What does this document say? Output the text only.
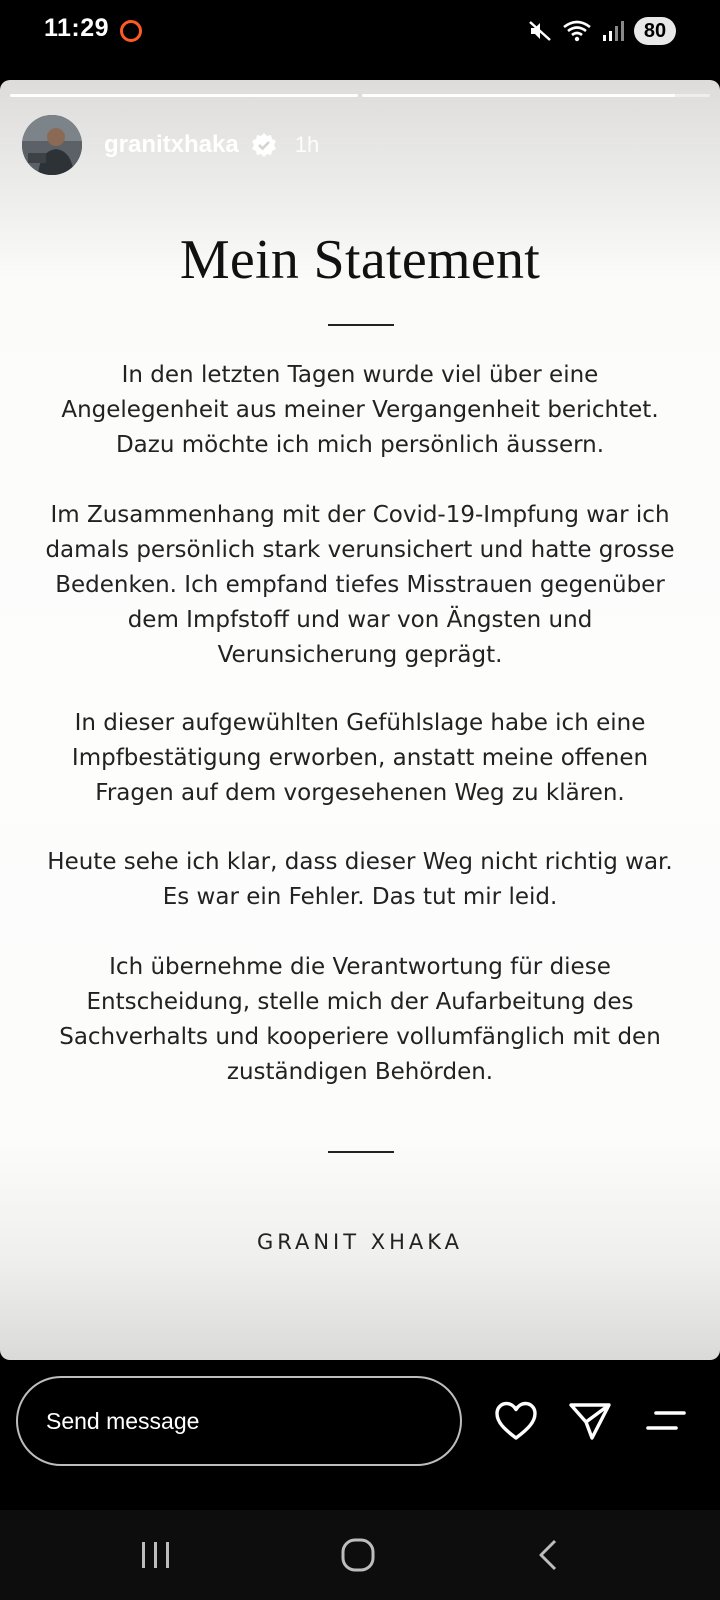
11:29	80
granitxhaka	1h
Mein Statement

In den letzten Tagen wurde viel über eine Angelegenheit aus meiner Vergangenheit berichtet. Dazu möchte ich mich persönlich äussern.

Im Zusammenhang mit der Covid-19-Impfung war ich damals persönlich stark verunsichert und hatte grosse Bedenken. Ich empfand tiefes Misstrauen gegenüber dem Impfstoff und war von Ängsten und Verunsicherung geprägt.

In dieser aufgewühlten Gefühlslage habe ich eine Impfbestätigung erworben, anstatt meine offenen Fragen auf dem vorgesehenen Weg zu klären.

Heute sehe ich klar, dass dieser Weg nicht richtig war. Es war ein Fehler. Das tut mir leid.

Ich übernehme die Verantwortung für diese Entscheidung, stelle mich der Aufarbeitung des Sachverhalts und kooperiere vollumfänglich mit den zuständigen Behörden.

GRANIT XHAKA
Send message
